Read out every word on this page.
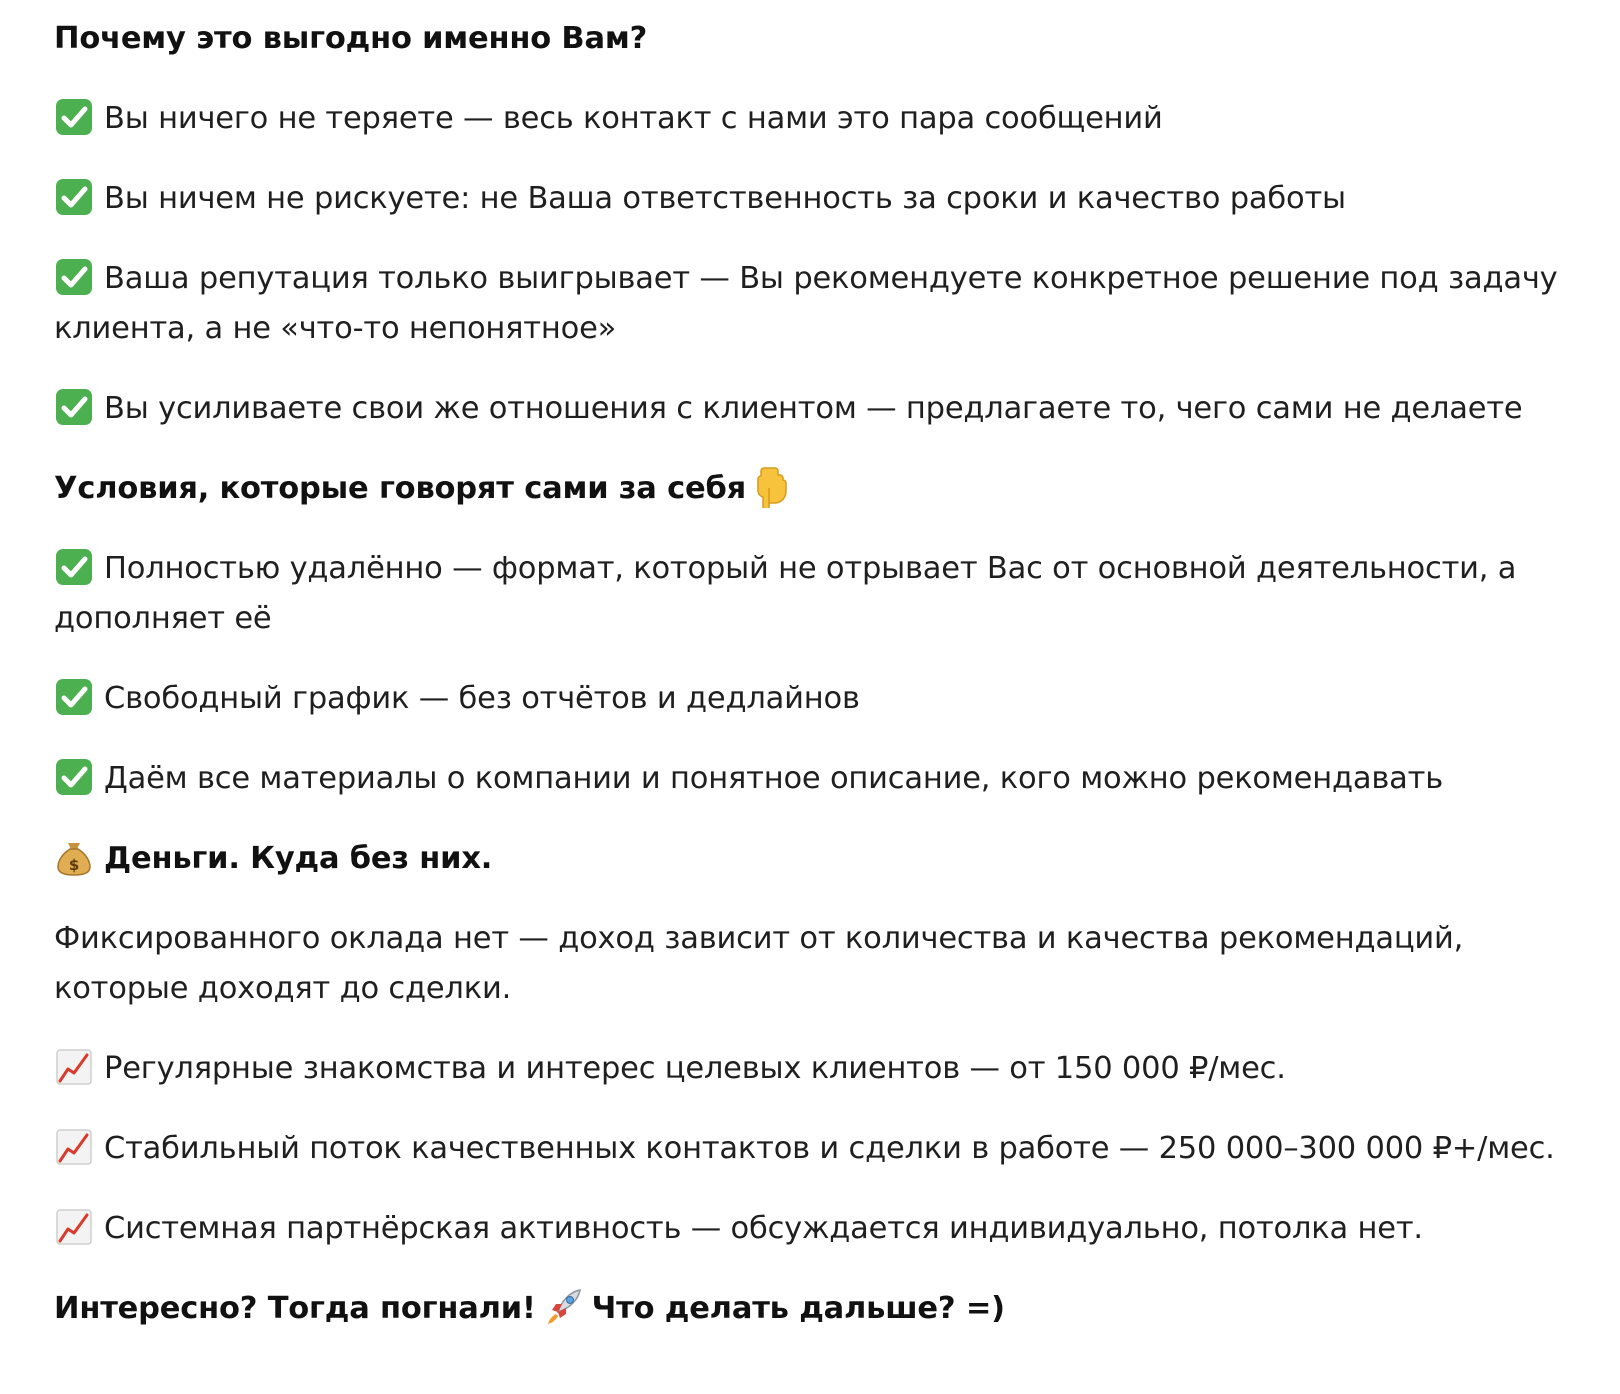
Почему это выгодно именно Вам?

Вы ничего не теряете — весь контакт с нами это пара сообщений

Вы ничем не рискуете: не Ваша ответственность за сроки и качество работы

Ваша репутация только выигрывает — Вы рекомендуете конкретное решение под задачу клиента, а не «что-то непонятное»

Вы усиливаете свои же отношения с клиентом — предлагаете то, чего сами не делаете

Условия, которые говорят сами за себя

Полностью удалённо — формат, который не отрывает Вас от основной деятельности, а дополняет её

Свободный график — без отчётов и дедлайнов

Даём все материалы о компании и понятное описание, кого можно рекомендавать

$ Деньги. Куда без них.

Фиксированного оклада нет — доход зависит от количества и качества рекомендаций, которые доходят до сделки.

Регулярные знакомства и интерес целевых клиентов — от 150 000 ₽/мес.

Стабильный поток качественных контактов и сделки в работе — 250 000–300 000 ₽+/мес.

Системная партнёрская активность — обсуждается индивидуально, потолка нет.

Интересно? Тогда погнали! Что делать дальше? =)
